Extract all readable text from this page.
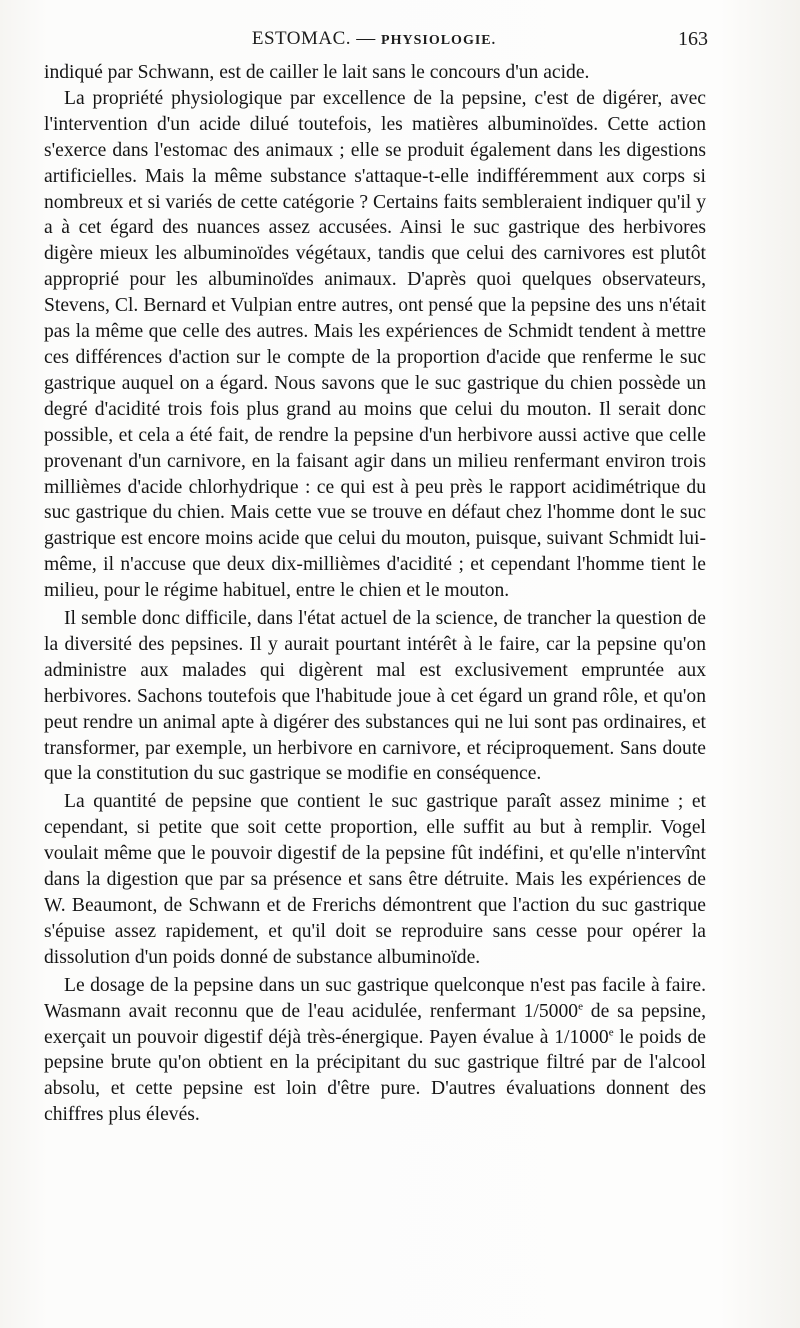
ESTOMAC. — PHYSIOLOGIE.	163

indiqué par Schwann, est de cailler le lait sans le concours d'un acide.

La propriété physiologique par excellence de la pepsine, c'est de digérer, avec l'intervention d'un acide dilué toutefois, les matières albuminoïdes. Cette action s'exerce dans l'estomac des animaux ; elle se produit également dans les digestions artificielles. Mais la même substance s'attaque-t-elle indifféremment aux corps si nombreux et si variés de cette catégorie ? Certains faits sembleraient indiquer qu'il y a à cet égard des nuances assez accusées. Ainsi le suc gastrique des herbivores digère mieux les albuminoïdes végétaux, tandis que celui des carnivores est plutôt approprié pour les albuminoïdes animaux. D'après quoi quelques observateurs, Stevens, Cl. Bernard et Vulpian entre autres, ont pensé que la pepsine des uns n'était pas la même que celle des autres. Mais les expériences de Schmidt tendent à mettre ces différences d'action sur le compte de la proportion d'acide que renferme le suc gastrique auquel on a égard. Nous savons que le suc gastrique du chien possède un degré d'acidité trois fois plus grand au moins que celui du mouton. Il serait donc possible, et cela a été fait, de rendre la pepsine d'un herbivore aussi active que celle provenant d'un carnivore, en la faisant agir dans un milieu renfermant environ trois millièmes d'acide chlorhydrique : ce qui est à peu près le rapport acidimétrique du suc gastrique du chien. Mais cette vue se trouve en défaut chez l'homme dont le suc gastrique est encore moins acide que celui du mouton, puisque, suivant Schmidt lui-même, il n'accuse que deux dix-millièmes d'acidité ; et cependant l'homme tient le milieu, pour le régime habituel, entre le chien et le mouton.

Il semble donc difficile, dans l'état actuel de la science, de trancher la question de la diversité des pepsines. Il y aurait pourtant intérêt à le faire, car la pepsine qu'on administre aux malades qui digèrent mal est exclusivement empruntée aux herbivores. Sachons toutefois que l'habitude joue à cet égard un grand rôle, et qu'on peut rendre un animal apte à digérer des substances qui ne lui sont pas ordinaires, et transformer, par exemple, un herbivore en carnivore, et réciproquement. Sans doute que la constitution du suc gastrique se modifie en conséquence.

La quantité de pepsine que contient le suc gastrique paraît assez minime ; et cependant, si petite que soit cette proportion, elle suffit au but à remplir. Vogel voulait même que le pouvoir digestif de la pepsine fût indéfini, et qu'elle n'intervînt dans la digestion que par sa présence et sans être détruite. Mais les expériences de W. Beaumont, de Schwann et de Frerichs démontrent que l'action du suc gastrique s'épuise assez rapidement, et qu'il doit se reproduire sans cesse pour opérer la dissolution d'un poids donné de substance albuminoïde.

Le dosage de la pepsine dans un suc gastrique quelconque n'est pas facile à faire. Wasmann avait reconnu que de l'eau acidulée, renfermant 1/5000e de sa pepsine, exerçait un pouvoir digestif déjà très-énergique. Payen évalue à 1/1000e le poids de pepsine brute qu'on obtient en la précipitant du suc gastrique filtré par de l'alcool absolu, et cette pepsine est loin d'être pure. D'autres évaluations donnent des chiffres plus élevés.
